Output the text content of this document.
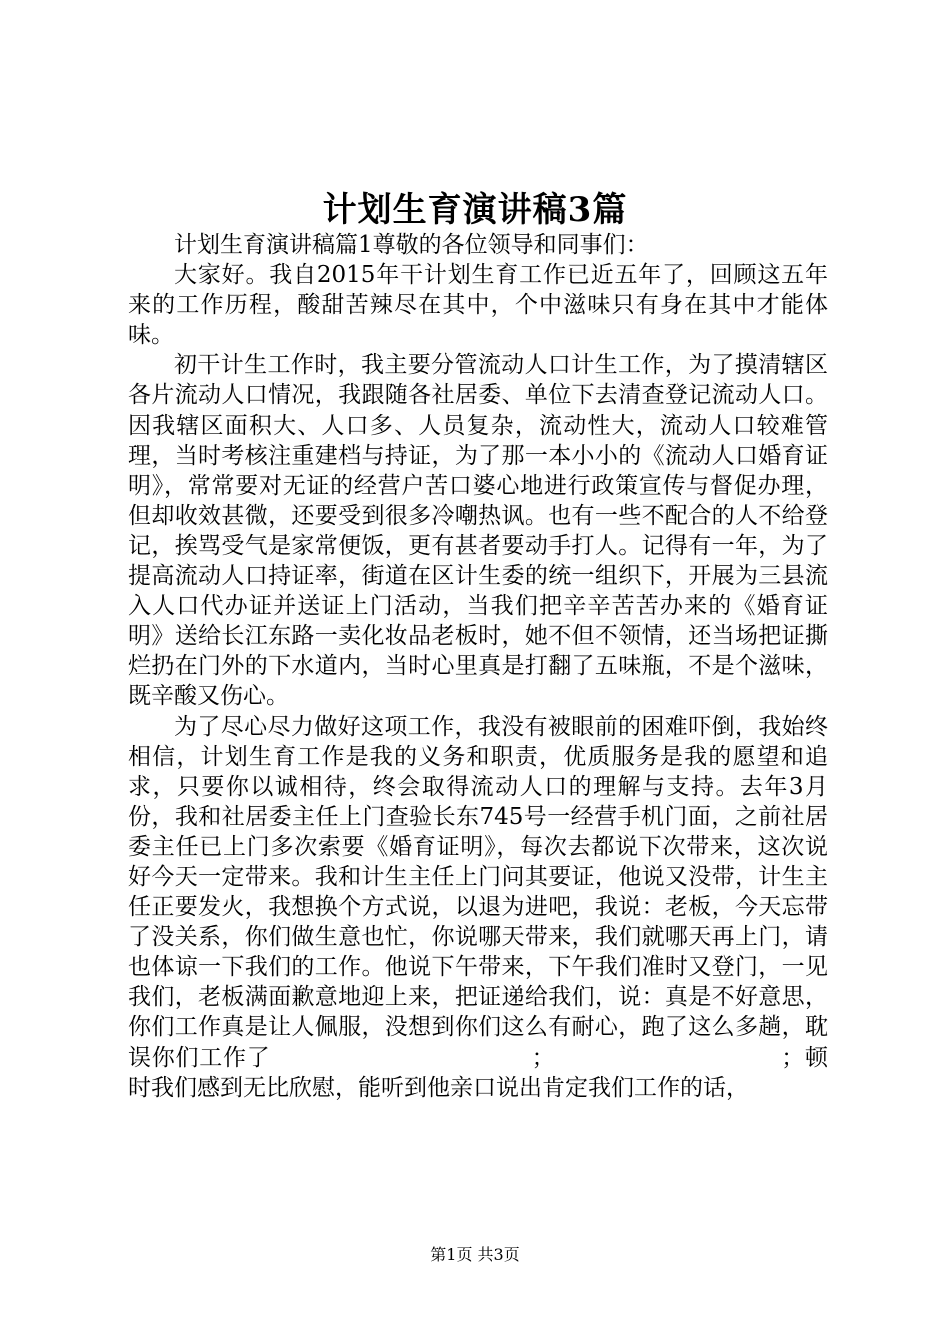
计划生育演讲稿3篇

计划生育演讲稿篇1尊敬的各位领导和同事们：

大家好。我自2015年干计划生育工作已近五年了，回顾这五年来的工作历程，酸甜苦辣尽在其中，个中滋味只有身在其中才能体味。

初干计生工作时，我主要分管流动人口计生工作，为了摸清辖区各片流动人口情况，我跟随各社居委、单位下去清查登记流动人口。因我辖区面积大、人口多、人员复杂，流动性大，流动人口较难管理，当时考核注重建档与持证，为了那一本小小的《流动人口婚育证明》，常常要对无证的经营户苦口婆心地进行政策宣传与督促办理，但却收效甚微，还要受到很多冷嘲热讽。也有一些不配合的人不给登记，挨骂受气是家常便饭，更有甚者要动手打人。记得有一年，为了提高流动人口持证率，街道在区计生委的统一组织下，开展为三县流入人口代办证并送证上门活动，当我们把辛辛苦苦办来的《婚育证明》送给长江东路一卖化妆品老板时，她不但不领情，还当场把证撕烂扔在门外的下水道内，当时心里真是打翻了五味瓶，不是个滋味，既辛酸又伤心。

为了尽心尽力做好这项工作，我没有被眼前的困难吓倒，我始终相信，计划生育工作是我的义务和职责，优质服务是我的愿望和追求，只要你以诚相待，终会取得流动人口的理解与支持。去年3月份，我和社居委主任上门查验长东745号一经营手机门面，之前社居委主任已上门多次索要《婚育证明》，每次去都说下次带来，这次说好今天一定带来。我和计生主任上门问其要证，他说又没带，计生主任正要发火，我想换个方式说，以退为进吧，我说：老板，今天忘带了没关系，你们做生意也忙，你说哪天带来，我们就哪天再上门，请也体谅一下我们的工作。他说下午带来，下午我们准时又登门，一见我们，老板满面歉意地迎上来，把证递给我们，说：真是不好意思，你们工作真是让人佩服，没想到你们这么有耐心，跑了这么多趟，耽误你们工作了　　　　　　　　　　　；　　　　　　　　　　；顿时我们感到无比欣慰，能听到他亲口说出肯定我们工作的话，

第1页 共3页
